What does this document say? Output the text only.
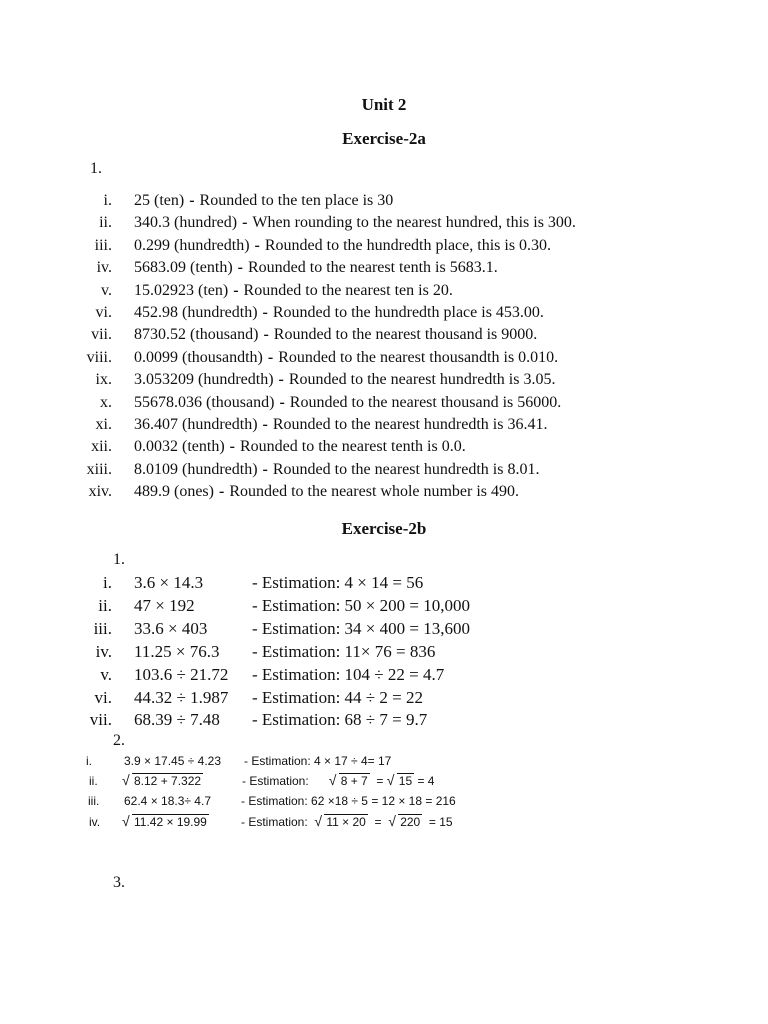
Unit 2
Exercise-2a
1.
i. 25 (ten) - Rounded to the ten place is 30
ii. 340.3 (hundred) - When rounding to the nearest hundred, this is 300.
iii. 0.299 (hundredth) - Rounded to the hundredth place, this is 0.30.
iv. 5683.09 (tenth) - Rounded to the nearest tenth is 5683.1.
v. 15.02923 (ten) - Rounded to the nearest ten is 20.
vi. 452.98 (hundredth) - Rounded to the hundredth place is 453.00.
vii. 8730.52 (thousand) - Rounded to the nearest thousand is 9000.
viii. 0.0099 (thousandth) - Rounded to the nearest thousandth is 0.010.
ix. 3.053209 (hundredth) - Rounded to the nearest hundredth is 3.05.
x. 55678.036 (thousand) - Rounded to the nearest thousand is 56000.
xi. 36.407 (hundredth) - Rounded to the nearest hundredth is 36.41.
xii. 0.0032 (tenth) - Rounded to the nearest tenth is 0.0.
xiii. 8.0109 (hundredth) - Rounded to the nearest hundredth is 8.01.
xiv. 489.9 (ones) - Rounded to the nearest whole number is 490.
Exercise-2b
1.
i. 3.6 × 14.3	- Estimation: 4 × 14 = 56
ii. 47 × 192	- Estimation: 50 × 200 = 10,000
iii. 33.6 × 403	- Estimation: 34 × 400 = 13,600
iv. 11.25 × 76.3 - Estimation: 11× 76 = 836
v. 103.6 ÷ 21.72 - Estimation: 104 ÷ 22 = 4.7
vi. 44.32 ÷ 1.987 - Estimation: 44 ÷ 2 = 22
vii. 68.39 ÷ 7.48 - Estimation: 68 ÷ 7 = 9.7
2.
i.	3.9 × 17.45 ÷ 4.23 - Estimation: 4 × 17 ÷ 4= 17
ii. √ 8.12 + 7.322	- Estimation: √ 8 + 7 = √ 15 = 4
iii. 62.4 × 18.3÷ 4.7	- Estimation: 62 ×18 ÷ 5 = 12 × 18 = 216
iv. √ 11.42 × 19.99	- Estimation: √ 11 × 20 = √ 220 = 15
3.
